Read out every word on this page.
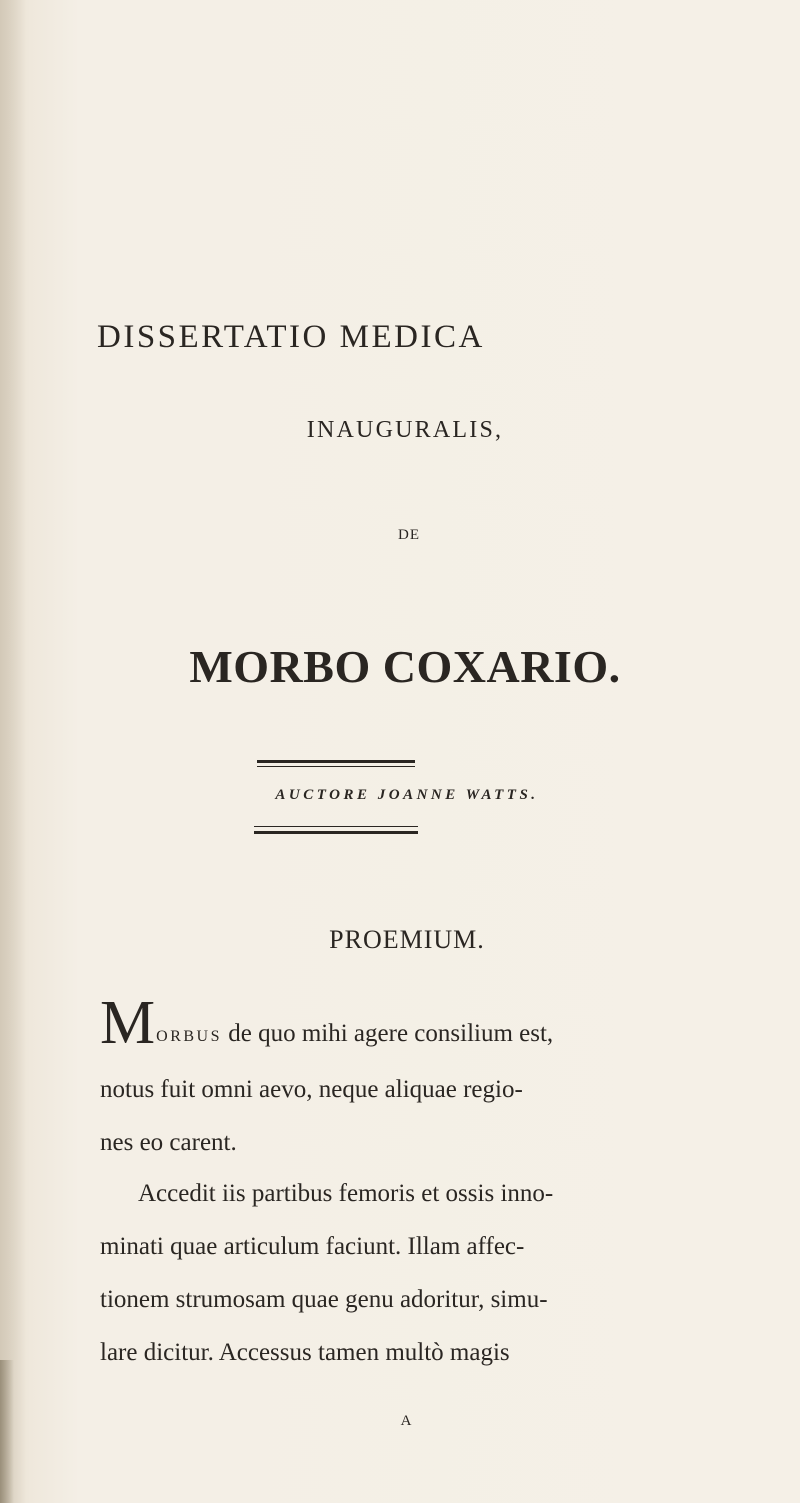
DISSERTATIO MEDICA
INAUGURALIS,
DE
MORBO COXARIO.
AUCTORE JOANNE WATTS.
PROEMIUM.
MORBUS de quo mihi agere consilium est,
notus fuit omni aevo, neque aliquae regio-
nes eo carent.
Accedit iis partibus femoris et ossis inno-
minati quae articulum faciunt. Illam affec-
tionem strumosam quae genu adoritur, simu-
lare dicitur. Accessus tamen multò magis
A
